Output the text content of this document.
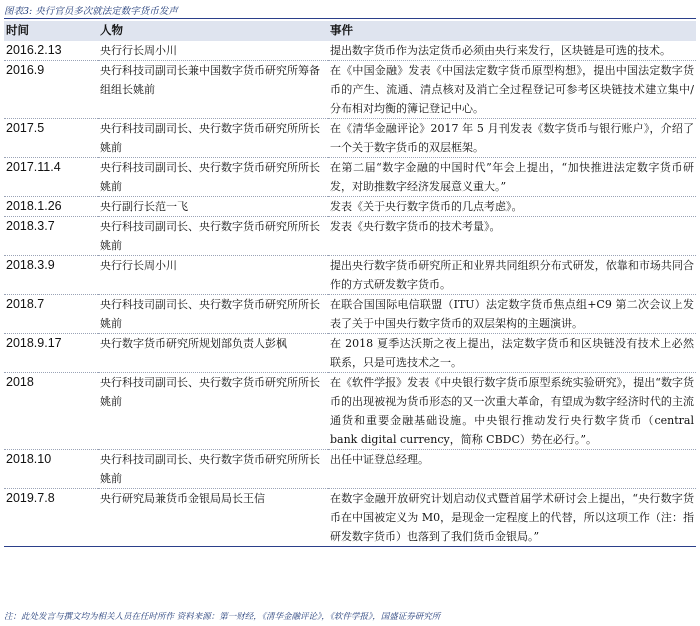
图表3: 央行官员多次就法定数字货币发声
时间	人物	事件
2016.2.13	央行行长周小川	提出数字货币作为法定货币必须由央行来发行，区块链是可选的技术。
2016.9	央行科技司副司长兼中国数字货币研究所筹备组组长姚前	在《中国金融》发表《中国法定数字货币原型构想》，提出中国法定数字货币的产生、流通、清点核对及消亡全过程登记可参考区块链技术建立集中/分布相对均衡的簿记登记中心。
2017.5	央行科技司副司长、央行数字货币研究所所长姚前	在《清华金融评论》2017 年 5 月刊发表《数字货币与银行账户》，介绍了一个关于数字货币的双层框架。
2017.11.4	央行科技司副司长、央行数字货币研究所所长姚前	在第二届“数字金融的中国时代”年会上提出，“加快推进法定数字货币研发，对助推数字经济发展意义重大。”
2018.1.26	央行副行长范一飞	发表《关于央行数字货币的几点考虑》。
2018.3.7	央行科技司副司长、央行数字货币研究所所长姚前	发表《央行数字货币的技术考量》。
2018.3.9	央行行长周小川	提出央行数字货币研究所正和业界共同组织分布式研发，依靠和市场共同合作的方式研发数字货币。
2018.7	央行科技司副司长、央行数字货币研究所所长姚前	在联合国国际电信联盟（ITU）法定数字货币焦点组+C9 第二次会议上发表了关于中国央行数字货币的双层架构的主题演讲。
2018.9.17	央行数字货币研究所规划部负责人彭枫	在 2018 夏季达沃斯之夜上提出，法定数字货币和区块链没有技术上必然联系，只是可选技术之一。
2018	央行科技司副司长、央行数字货币研究所所长姚前	在《软件学报》发表《中央银行数字货币原型系统实验研究》，提出“数字货币的出现被视为货币形态的又一次重大革命，有望成为数字经济时代的主流通货和重要金融基础设施。中央银行推动发行央行数字货币（central bank digital currency，简称 CBDC）势在必行。”。
2018.10	央行科技司副司长、央行数字货币研究所所长姚前	出任中证登总经理。
2019.7.8	央行研究局兼货币金银局局长王信	在数字金融开放研究计划启动仪式暨首届学术研讨会上提出，“央行数字货币在中国被定义为 M0，是现金一定程度上的代替，所以这项工作（注：指研发数字货币）也落到了我们货币金银局。”
注：此处发言与撰文均为相关人员在任时所作 资料来源：第一财经，《清华金融评论》，《软件学报》，国盛证券研究所
